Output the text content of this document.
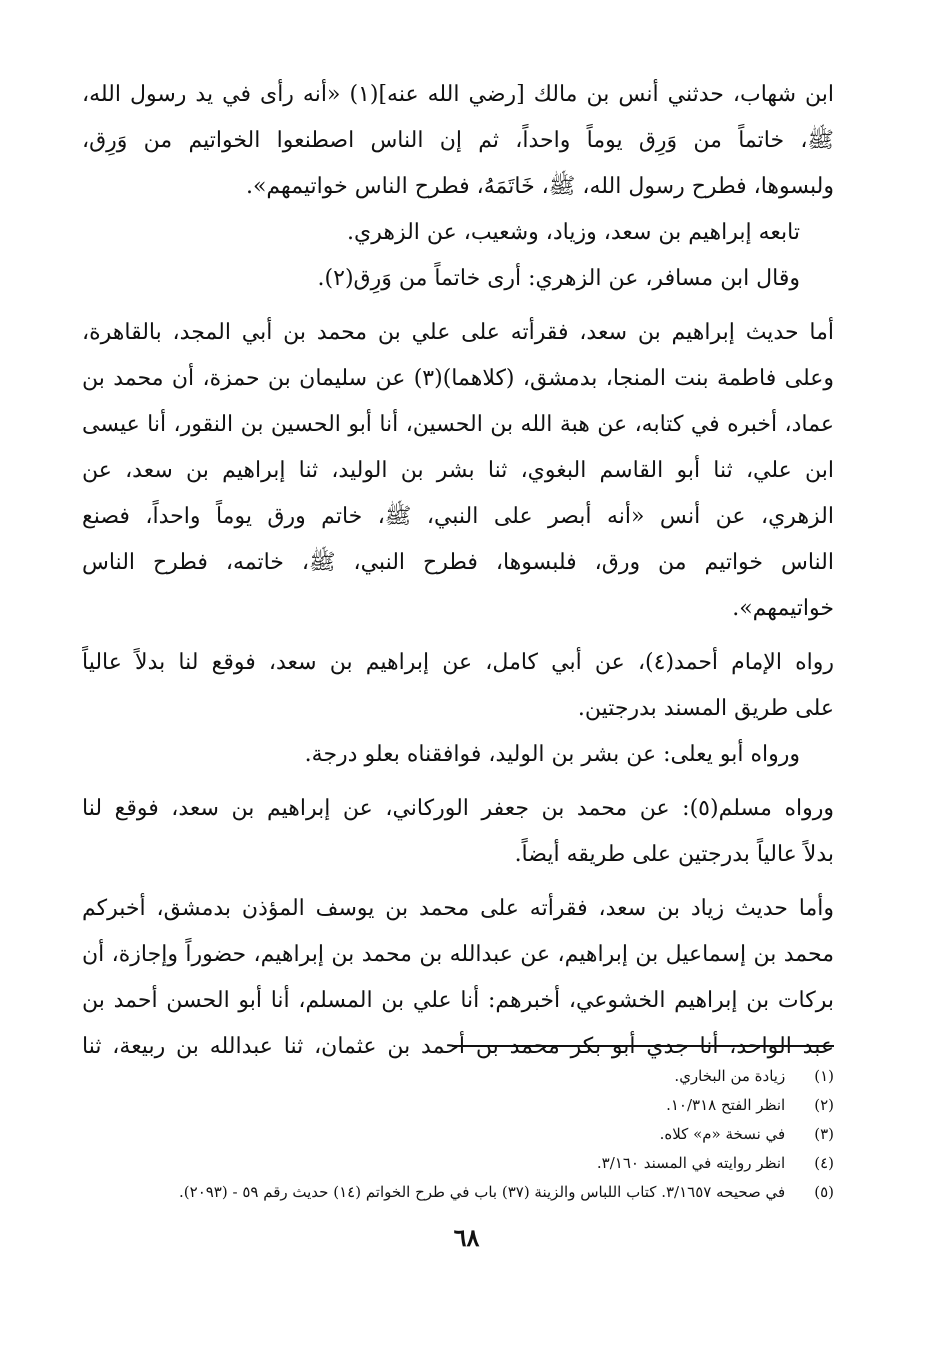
ابن شهاب، حدثني أنس بن مالك [رضي الله عنه](١) «أنه رأى في يد رسول الله،
ﷺ، خاتماً من وَرِق يوماً واحداً، ثم إن الناس اصطنعوا الخواتيم من وَرِق،
ولبسوها، فطرح رسول الله، ﷺ، خَاتَمَهُ، فطرح الناس خواتيمهم».
تابعه إبراهيم بن سعد، وزياد، وشعيب، عن الزهري.
وقال ابن مسافر، عن الزهري: أرى خاتماً من وَرِق(٢).
أما حديث إبراهيم بن سعد، فقرأته على علي بن محمد بن أبي المجد، بالقاهرة،
وعلى فاطمة بنت المنجا، بدمشق، (كلاهما)(٣) عن سليمان بن حمزة، أن محمد بن
عماد، أخبره في كتابه، عن هبة الله بن الحسين، أنا أبو الحسين بن النقور، أنا عيسى
ابن علي، ثنا أبو القاسم البغوي، ثنا بشر بن الوليد، ثنا إبراهيم بن سعد، عن
الزهري، عن أنس «أنه أبصر على النبي، ﷺ، خاتم ورق يوماً واحداً، فصنع
الناس خواتيم من ورق، فلبسوها، فطرح النبي، ﷺ، خاتمه، فطرح الناس
خواتيمهم».
رواه الإمام أحمد(٤)، عن أبي كامل، عن إبراهيم بن سعد، فوقع لنا بدلاً عالياً
على طريق المسند بدرجتين.
ورواه أبو يعلى: عن بشر بن الوليد، فوافقناه بعلو درجة.
ورواه مسلم(٥): عن محمد بن جعفر الوركاني، عن إبراهيم بن سعد، فوقع لنا
بدلاً عالياً بدرجتين على طريقه أيضاً.
وأما حديث زياد بن سعد، فقرأته على محمد بن يوسف المؤذن بدمشق، أخبركم
محمد بن إسماعيل بن إبراهيم، عن عبدالله بن محمد بن إبراهيم، حضوراً وإجازة، أن
بركات بن إبراهيم الخشوعي، أخبرهم: أنا علي بن المسلم، أنا أبو الحسن أحمد بن
عبد الواحد، أنا جدي أبو بكر محمد بن أحمد بن عثمان، ثنا عبدالله بن ربيعة، ثنا
(١) زيادة من البخاري.
(٢) انظر الفتح ١٠/٣١٨.
(٣) في نسخة «م» كلاه.
(٤) انظر روايته في المسند ٣/١٦٠.
(٥) في صحيحه ٣/١٦٥٧. كتاب اللباس والزينة (٣٧) باب في طرح الخواتم (١٤) حديث رقم ٥٩ - (٢٠٩٣).
٦٨
